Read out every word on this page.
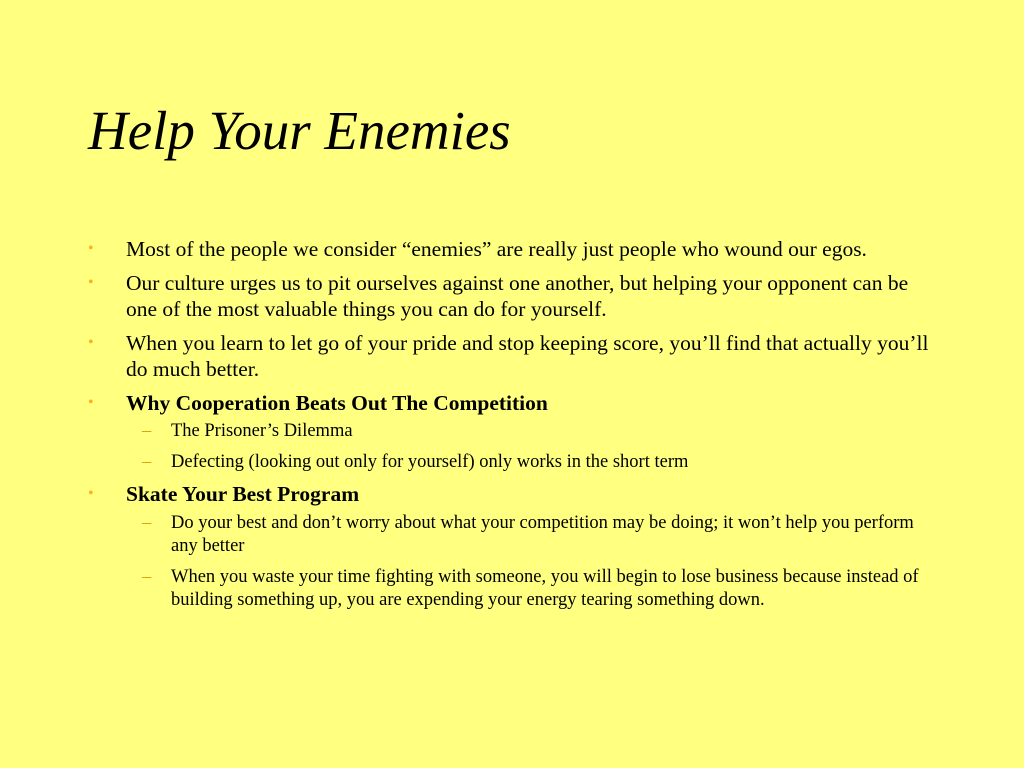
Help Your Enemies
• Most of the people we consider “enemies” are really just people who wound our egos.
• Our culture urges us to pit ourselves against one another, but helping your opponent can be one of the most valuable things you can do for yourself.
• When you learn to let go of your pride and stop keeping score, you’ll find that actually you’ll do much better.
• Why Cooperation Beats Out The Competition
– The Prisoner’s Dilemma
– Defecting (looking out only for yourself) only works in the short term
• Skate Your Best Program
– Do your best and don’t worry about what your competition may be doing; it won’t help you perform any better
– When you waste your time fighting with someone, you will begin to lose business because instead of building something up, you are expending your energy tearing something down.
